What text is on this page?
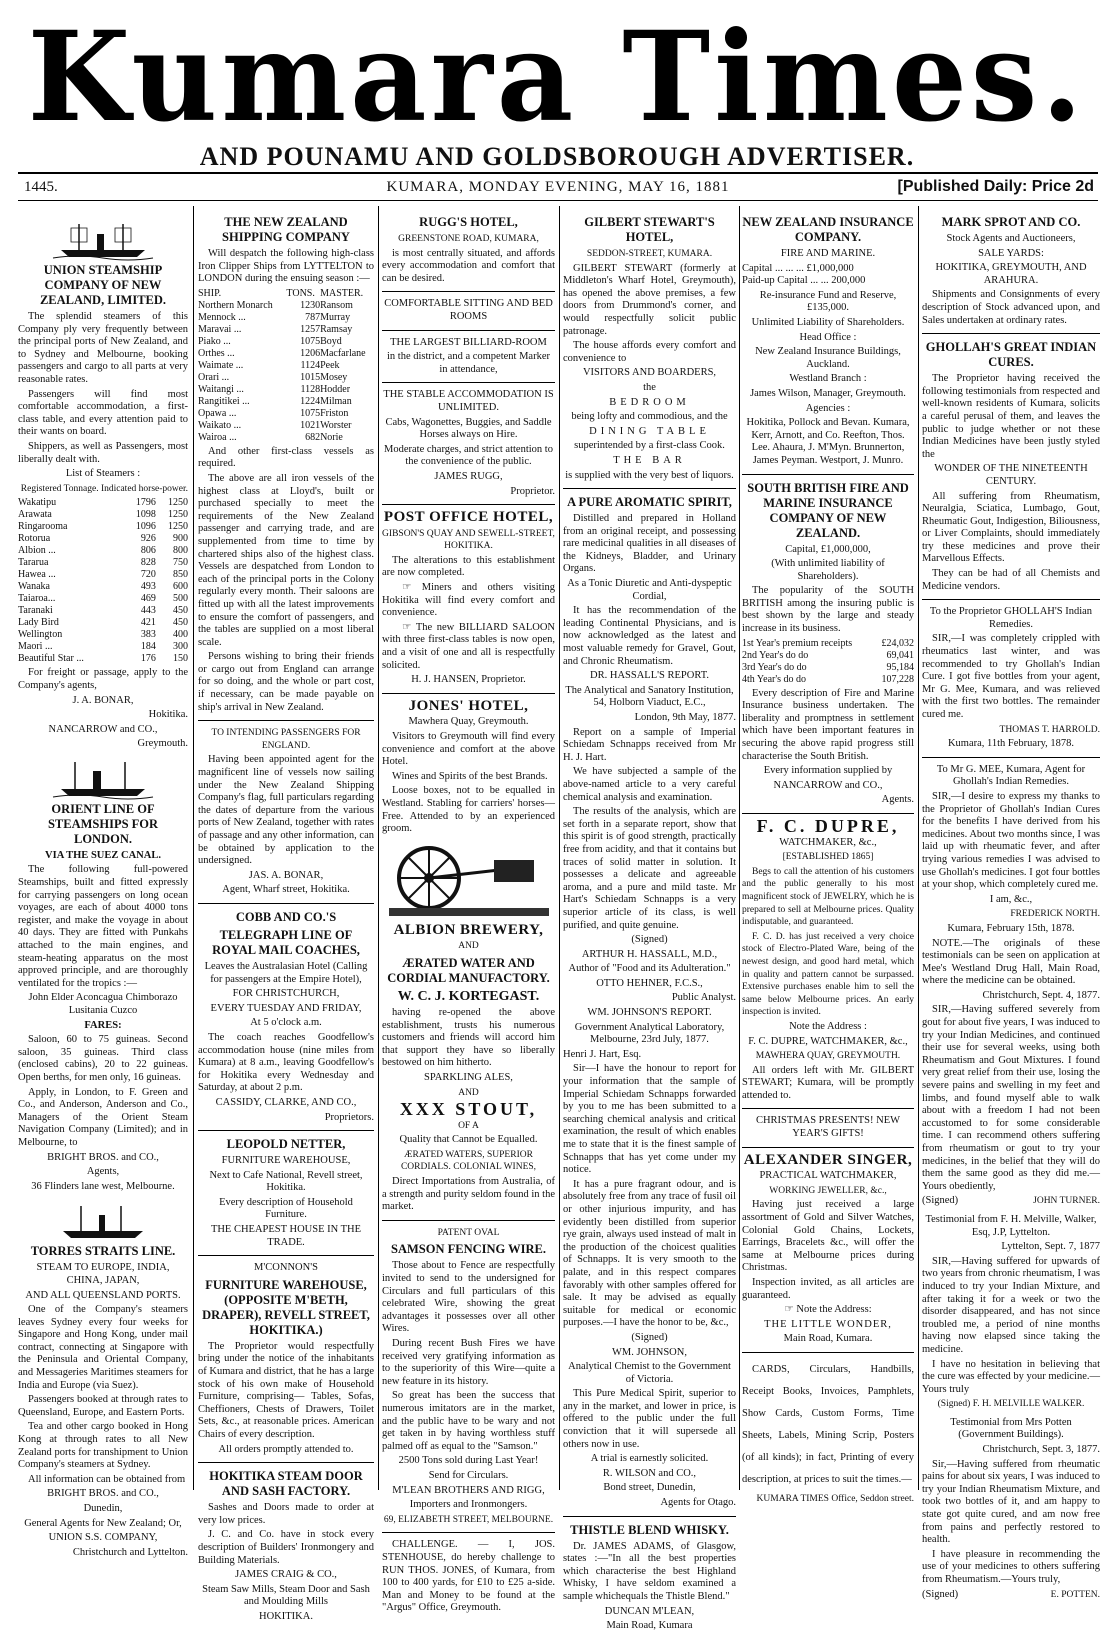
Kumara Times.
AND POUNAMU AND GOLDSBOROUGH ADVERTISER.
1445.	KUMARA, MONDAY EVENING, MAY 16, 1881	[Published Daily: Price 2d
UNION STEAMSHIP COMPANY OF NEW ZEALAND, LIMITED.
The splendid steamers of this Company ply very frequently between the principal ports of New Zealand, and to Sydney and Melbourne, booking passengers and cargo to all parts at very reasonable rates.
Passengers will find most comfortable accommodation, a first-class table, and every attention paid to their wants on board.
Shippers, as well as Passengers, most liberally dealt with.
List of Steamers :
Registered Tonnage. Indicated horse-power.
Wakatipu	1796	1250
Arawata	1098	1250
Ringarooma	1096	1250
Rotorua	926	900
Albion ...	806	800
Tararua	828	750
Hawea ...	720	850
Wanaka	493	600
Taiaroa...	469	500
Taranaki	443	450
Lady Bird	421	450
Wellington	383	400
Maori ...	184	300
Beautiful Star ...	176	150
For freight or passage, apply to the Company's agents,
J. A. BONAR,
Hokitika.
NANCARROW and CO.,
Greymouth.
ORIENT LINE OF STEAMSHIPS FOR LONDON.
VIA THE SUEZ CANAL.
The following full-powered Steamships, built and fitted expressly for carrying passengers on long ocean voyages, are each of about 4000 tons register, and make the voyage in about 40 days. They are fitted with Punkahs attached to the main engines, and steam-heating apparatus on the most approved principle, and are thoroughly ventilated for the tropics :—
John Elder Aconcagua Chimborazo Lusitania Cuzco
FARES:
Saloon, 60 to 75 guineas. Second saloon, 35 guineas. Third class (enclosed cabins), 20 to 22 guineas. Open berths, for men only, 16 guineas.
Apply, in London, to F. Green and Co., and Anderson, Anderson and Co., Managers of the Orient Steam Navigation Company (Limited); and in Melbourne, to
BRIGHT BROS. and CO.,
Agents,
36 Flinders lane west, Melbourne.
TORRES STRAITS LINE.
STEAM TO EUROPE, INDIA, CHINA, JAPAN,
AND ALL QUEENSLAND PORTS.
One of the Company's steamers leaves Sydney every four weeks for Singapore and Hong Kong, under mail contract, connecting at Singapore with the Peninsula and Oriental Company, and Messageries Maritimes steamers for India and Europe (via Suez).
Passengers booked at through rates to Queensland, Europe, and Eastern Ports.
Tea and other cargo booked in Hong Kong at through rates to all New Zealand ports for transhipment to Union Company's steamers at Sydney.
All information can be obtained from
BRIGHT BROS. and CO.,
Dunedin,
General Agents for New Zealand; Or,
UNION S.S. COMPANY,
Christchurch and Lyttelton.
THE NEW ZEALAND SHIPPING COMPANY
Will despatch the following high-class Iron Clipper Ships from LYTTELTON to LONDON during the ensuing season :—
SHIP.	TONS.	MASTER.
Northern Monarch	1230	Ransom
Mennock ...	787	Murray
Maravai ...	1257	Ramsay
Piako ...	1075	Boyd
Orthes ...	1206	Macfarlane
Waimate ...	1124	Peek
Orari ...	1015	Mosey
Waitangi ...	1128	Hodder
Rangitikei ...	1224	Milman
Opawa ...	1075	Friston
Waikato ...	1021	Worster
Wairoa ...	682	Norie
And other first-class vessels as required.
The above are all iron vessels of the highest class at Lloyd's, built or purchased specially to meet the requirements of the New Zealand passenger and carrying trade, and are supplemented from time to time by chartered ships also of the highest class. Vessels are despatched from London to each of the principal ports in the Colony regularly every month. Their saloons are fitted up with all the latest improvements to ensure the comfort of passengers, and the tables are supplied on a most liberal scale.
Persons wishing to bring their friends or cargo out from England can arrange for so doing, and the whole or part cost, if necessary, can be made payable on ship's arrival in New Zealand.
TO INTENDING PASSENGERS FOR ENGLAND.
Having been appointed agent for the magnificent line of vessels now sailing under the New Zealand Shipping Company's flag, full particulars regarding the dates of departure from the various ports of New Zealand, together with rates of passage and any other information, can be obtained by application to the undersigned.
JAS. A. BONAR,
Agent, Wharf street, Hokitika.
COBB AND CO.'S
TELEGRAPH LINE OF ROYAL MAIL COACHES,
Leaves the Australasian Hotel (Calling for passengers at the Empire Hotel),
FOR CHRISTCHURCH,
EVERY TUESDAY AND FRIDAY,
At 5 o'clock a.m.
The coach reaches Goodfellow's accommodation house (nine miles from Kumara) at 8 a.m., leaving Goodfellow's for Hokitika every Wednesday and Saturday, at about 2 p.m.
CASSIDY, CLARKE, AND CO.,
Proprietors.
LEOPOLD NETTER,
FURNITURE WAREHOUSE,
Next to Cafe National, Revell street, Hokitika.
Every description of Household Furniture.
THE CHEAPEST HOUSE IN THE TRADE.
M'CONNON'S
FURNITURE WAREHOUSE, (OPPOSITE M'BETH, DRAPER), REVELL STREET, HOKITIKA.)
The Proprietor would respectfully bring under the notice of the inhabitants of Kumara and district, that he has a large stock of his own make of Household Furniture, comprising— Tables, Sofas, Cheffioners, Chests of Drawers, Toilet Sets, &c., at reasonable prices. American Chairs of every description.
All orders promptly attended to.
HOKITIKA STEAM DOOR AND SASH FACTORY.
Sashes and Doors made to order at very low prices.
J. C. and Co. have in stock every description of Builders' Ironmongery and Building Materials.
JAMES CRAIG & CO.,
Steam Saw Mills, Steam Door and Sash and Moulding Mills
HOKITIKA.
RUGG'S HOTEL,
GREENSTONE ROAD, KUMARA,
is most centrally situated, and affords every accommodation and comfort that can be desired.
COMFORTABLE SITTING AND BED ROOMS
THE LARGEST BILLIARD-ROOM
in the district, and a competent Marker in attendance,
THE STABLE ACCOMMODATION IS UNLIMITED.
Cabs, Wagonettes, Buggies, and Saddle Horses always on Hire.
Moderate charges, and strict attention to the convenience of the public.
JAMES RUGG,
Proprietor.
POST OFFICE HOTEL,
GIBSON'S QUAY AND SEWELL-STREET, HOKITIKA.
The alterations to this establishment are now completed.
☞ Miners and others visiting Hokitika will find every comfort and convenience.
☞ The new BILLIARD SALOON with three first-class tables is now open, and a visit of one and all is respectfully solicited.
H. J. HANSEN, Proprietor.
JONES' HOTEL,
Mawhera Quay, Greymouth.
Visitors to Greymouth will find every convenience and comfort at the above Hotel.
Wines and Spirits of the best Brands.
Loose boxes, not to be equalled in Westland. Stabling for carriers' horses—Free. Attended to by an experienced groom.
ALBION BREWERY,
AND
ÆRATED WATER AND CORDIAL MANUFACTORY.
W. C. J. KORTEGAST.
having re-opened the above establishment, trusts his numerous customers and friends will accord him that support they have so liberally bestowed on him hitherto.
SPARKLING ALES,
AND
XXX STOUT,
OF A
Quality that Cannot be Equalled.
ÆRATED WATERS, SUPERIOR CORDIALS. COLONIAL WINES,
Direct Importations from Australia, of a strength and purity seldom found in the market.
PATENT OVAL
SAMSON FENCING WIRE.
Those about to Fence are respectfully invited to send to the undersigned for Circulars and full particulars of this celebrated Wire, showing the great advantages it possesses over all other Wires.
During recent Bush Fires we have received very gratifying information as to the superiority of this Wire—quite a new feature in its history.
So great has been the success that numerous imitators are in the market, and the public have to be wary and not get taken in by having worthless stuff palmed off as equal to the "Samson."
2500 Tons sold during Last Year!
Send for Circulars.
M'LEAN BROTHERS AND RIGG,
Importers and Ironmongers.
69, ELIZABETH STREET, MELBOURNE.
CHALLENGE. — I, JOS. STENHOUSE, do hereby challenge to RUN THOS. JONES, of Kumara, from 100 to 400 yards, for £10 to £25 a-side. Man and Money to be found at the "Argus" Office, Greymouth.
GILBERT STEWART'S HOTEL,
SEDDON-STREET, KUMARA.
GILBERT STEWART (formerly at Middleton's Wharf Hotel, Greymouth), has opened the above premises, a few doors from Drummond's corner, and would respectfully solicit public patronage.
The house affords every comfort and convenience to
VISITORS AND BOARDERS,
the
BEDROOM
being lofty and commodious, and the
DINING TABLE
superintended by a first-class Cook.
THE BAR
is supplied with the very best of liquors.
A PURE AROMATIC SPIRIT,
Distilled and prepared in Holland from an original receipt, and possessing rare medicinal qualities in all diseases of the Kidneys, Bladder, and Urinary Organs.
As a Tonic Diuretic and Anti-dyspeptic Cordial,
It has the recommendation of the leading Continental Physicians, and is now acknowledged as the latest and most valuable remedy for Gravel, Gout, and Chronic Rheumatism.
DR. HASSALL'S REPORT.
The Analytical and Sanatory Institution, 54, Holborn Viaduct, E.C.,
London, 9th May, 1877.
Report on a sample of Imperial Schiedam Schnapps received from Mr H. J. Hart.
We have subjected a sample of the above-named article to a very careful chemical analysis and examination.
The results of the analysis, which are set forth in a separate report, show that this spirit is of good strength, practically free from acidity, and that it contains but traces of solid matter in solution. It possesses a delicate and agreeable aroma, and a pure and mild taste. Mr Hart's Schiedam Schnapps is a very superior article of its class, is well purified, and quite genuine.
(Signed)
ARTHUR H. HASSALL, M.D.,
Author of "Food and its Adulteration."
OTTO HEHNER, F.C.S.,
Public Analyst.
WM. JOHNSON'S REPORT.
Government Analytical Laboratory, Melbourne, 23rd July, 1877.
Henri J. Hart, Esq.
Sir—I have the honour to report for your information that the sample of Imperial Schiedam Schnapps forwarded by you to me has been submitted to a searching chemical analysis and critical examination, the result of which enables me to state that it is the finest sample of Schnapps that has yet come under my notice.
It has a pure fragrant odour, and is absolutely free from any trace of fusil oil or other injurious impurity, and has evidently been distilled from superior rye grain, always used instead of malt in the production of the choicest qualities of Schnapps. It is very smooth to the palate, and in this respect compares favorably with other samples offered for sale. It may be advised as equally suitable for medical or economic purposes.—I have the honor to be, &c.,
(Signed)
WM. JOHNSON,
Analytical Chemist to the Government of Victoria.
This Pure Medical Spirit, superior to any in the market, and lower in price, is offered to the public under the full conviction that it will supersede all others now in use.
A trial is earnestly solicited.
R. WILSON and CO.,
Bond street, Dunedin,
Agents for Otago.
THISTLE BLEND WHISKY.
Dr. JAMES ADAMS, of Glasgow, states :—"In all the best properties which characterise the best Highland Whisky, I have seldom examined a sample whichequals the Thistle Blend."
DUNCAN M'LEAN,
Main Road, Kumara
NEW ZEALAND INSURANCE COMPANY.
FIRE AND MARINE.
Capital ... ... ... £1,000,000
Paid-up Capital ... ... 200,000
Re-insurance Fund and Reserve, £135,000.
Unlimited Liability of Shareholders.
Head Office :
New Zealand Insurance Buildings, Auckland.
Westland Branch :
James Wilson, Manager, Greymouth.
Agencies :
Hokitika, Pollock and Bevan. Kumara, Kerr, Arnott, and Co. Reefton, Thos. Lee. Ahaura, J. M'Myn. Brunnerton, James Peyman. Westport, J. Munro.
SOUTH BRITISH FIRE AND MARINE INSURANCE COMPANY OF NEW ZEALAND.
Capital, £1,000,000,
(With unlimited liability of Shareholders).
The popularity of the SOUTH BRITISH among the insuring public is best shown by the large and steady increase in its business.
1st Year's premium receipts	£24,032
2nd Year's do do	69,041
3rd Year's do do	95,184
4th Year's do do	107,228
Every description of Fire and Marine Insurance business undertaken. The liberality and promptness in settlement which have been important features in securing the above rapid progress still characterise the South British.
Every information supplied by
NANCARROW and CO.,
Agents.
F. C. DUPRE,
WATCHMAKER, &c.,
[ESTABLISHED 1865]
Begs to call the attention of his customers and the public generally to his most magnificent stock of JEWELRY, which he is prepared to sell at Melbourne prices. Quality indisputable, and guaranteed.
F. C. D. has just received a very choice stock of Electro-Plated Ware, being of the newest design, and good hard metal, which in quality and pattern cannot be surpassed. Extensive purchases enable him to sell the same below Melbourne prices. An early inspection is invited.
Note the Address :
F. C. DUPRE, WATCHMAKER, &c.,
MAWHERA QUAY, GREYMOUTH.
All orders left with Mr. GILBERT STEWART; Kumara, will be promptly attended to.
CHRISTMAS PRESENTS! NEW YEAR'S GIFTS!
ALEXANDER SINGER,
PRACTICAL WATCHMAKER,
WORKING JEWELLER, &c.,
Having just received a large assortment of Gold and Silver Watches, Colonial Gold Chains, Lockets, Earrings, Bracelets &c., will offer the same at Melbourne prices during Christmas.
Inspection invited, as all articles are guaranteed.
☞ Note the Address:
THE LITTLE WONDER,
Main Road, Kumara.
CARDS, Circulars, Handbills, Receipt Books, Invoices, Pamphlets, Show Cards, Custom Forms, Time Sheets, Labels, Mining Scrip, Posters (of all kinds); in fact, Printing of every description, at prices to suit the times.—
KUMARA TIMES Office, Seddon street.
MARK SPROT AND CO.
Stock Agents and Auctioneers,
SALE YARDS:
HOKITIKA, GREYMOUTH, AND ARAHURA.
Shipments and Consignments of every description of Stock advanced upon, and Sales undertaken at ordinary rates.
GHOLLAH'S GREAT INDIAN CURES.
The Proprietor having received the following testimonials from respected and well-known residents of Kumara, solicits a careful perusal of them, and leaves the public to judge whether or not these Indian Medicines have been justly styled the
WONDER OF THE NINETEENTH CENTURY.
All suffering from Rheumatism, Neuralgia, Sciatica, Lumbago, Gout, Rheumatic Gout, Indigestion, Biliousness, or Liver Complaints, should immediately try these medicines and prove their Marvellous Effects.
They can be had of all Chemists and Medicine vendors.
To the Proprietor GHOLLAH'S Indian Remedies.
SIR,—I was completely crippled with rheumatics last winter, and was recommended to try Ghollah's Indian Cure. I got five bottles from your agent, Mr G. Mee, Kumara, and was relieved with the first two bottles. The remainder cured me.
THOMAS T. HARROLD.
Kumara, 11th February, 1878.
To Mr G. MEE, Kumara, Agent for Ghollah's Indian Remedies.
SIR,—I desire to express my thanks to the Proprietor of Ghollah's Indian Cures for the benefits I have derived from his medicines. About two months since, I was laid up with rheumatic fever, and after trying various remedies I was advised to use Ghollah's medicines. I got four bottles at your shop, which completely cured me.
I am, &c.,
FREDERICK NORTH.
Kumara, February 15th, 1878.
NOTE.—The originals of these testimonials can be seen on application at Mee's Westland Drug Hall, Main Road, where the medicine can be obtained.
Christchurch, Sept. 4, 1877.
SIR,—Having suffered severely from gout for about five years, I was induced to try your Indian Medicines, and continued their use for several weeks, using both Rheumatism and Gout Mixtures. I found very great relief from their use, losing the severe pains and swelling in my feet and limbs, and found myself able to walk about with a freedom I had not been accustomed to for some considerable time. I can recommend others suffering from rheumatism or gout to try your medicines, in the belief that they will do them the same good as they did me.— Yours obediently,
(Signed)	JOHN TURNER.
Testimonial from F. H. Melville, Walker, Esq, J.P, Lyttelton.
Lyttelton, Sept. 7, 1877
SIR,—Having suffered for upwards of two years from chronic rheumatism, I was induced to try your Indian Mixture, and after taking it for a week or two the disorder disappeared, and has not since troubled me, a period of nine months having now elapsed since taking the medicine.
I have no hesitation in believing that the cure was effected by your medicine.—Yours truly
(Signed) F. H. MELVILLE WALKER.
Testimonial from Mrs Potten (Government Buildings).
Christchurch, Sept. 3, 1877.
Sir,—Having suffered from rheumatic pains for about six years, I was induced to try your Indian Rheumatism Mixture, and took two bottles of it, and am happy to state got quite cured, and am now free from pains and perfectly restored to health.
I have pleasure in recommending the use of your medicines to others suffering from Rheumatism.—Yours truly,
(Signed)	E. POTTEN.
